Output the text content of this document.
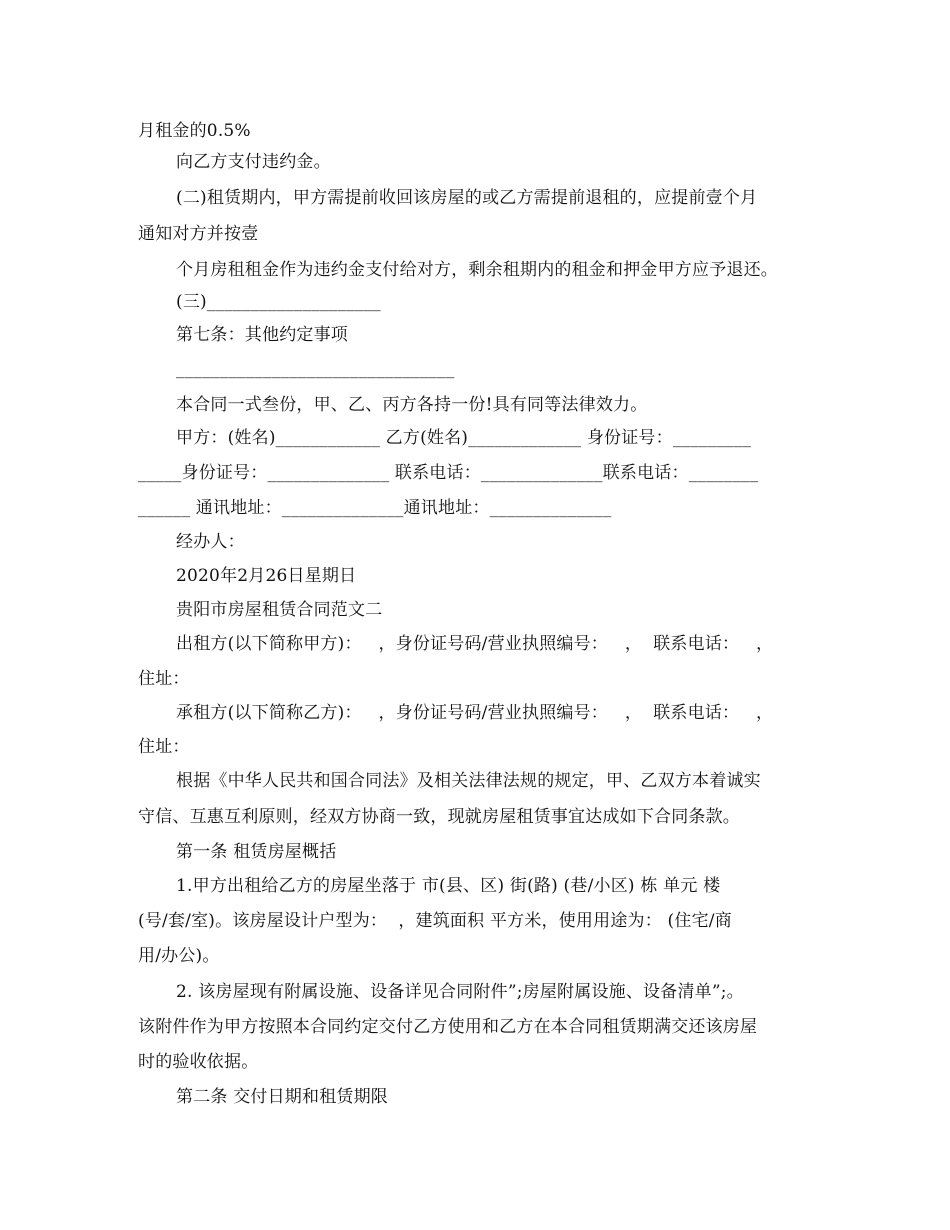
月租金的0.5%
向乙方支付违约金。
(二)租赁期内，甲方需提前收回该房屋的或乙方需提前退租的，应提前壹个月
通知对方并按壹
个月房租租金作为违约金支付给对方，剩余租期内的租金和押金甲方应予退还。
(三)____________________
第七条：其他约定事项
________________________________
本合同一式叁份，甲、乙、丙方各持一份!具有同等法律效力。
甲方：(姓名)____________ 乙方(姓名)_____________ 身份证号：_________
_____身份证号：______________ 联系电话：______________联系电话：________
______ 通讯地址：______________通讯地址：______________
经办人：
2020年2月26日星期日
贵阳市房屋租赁合同范文二
出租方(以下简称甲方)：   ，身份证号码/营业执照编号：   ，  联系电话：   ，
住址：
承租方(以下简称乙方)：   ，身份证号码/营业执照编号：   ，  联系电话：   ，
住址：
根据《中华人民共和国合同法》及相关法律法规的规定，甲、乙双方本着诚实
守信、互惠互利原则，经双方协商一致，现就房屋租赁事宜达成如下合同条款。
第一条 租赁房屋概括
1.甲方出租给乙方的房屋坐落于 市(县、区) 街(路) (巷/小区) 栋 单元 楼
(号/套/室)。该房屋设计户型为：  ，建筑面积 平方米，使用用途为： (住宅/商
用/办公)。
2. 该房屋现有附属设施、设备详见合同附件”;房屋附属设施、设备清单”;。
该附件作为甲方按照本合同约定交付乙方使用和乙方在本合同租赁期满交还该房屋
时的验收依据。
第二条 交付日期和租赁期限
